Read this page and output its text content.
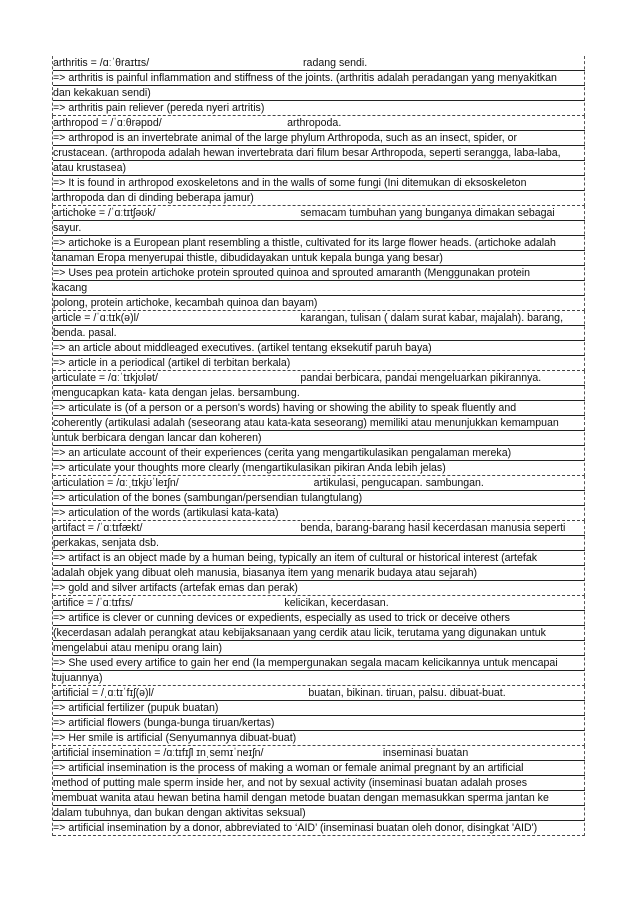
arthritis = /ɑːˈθraɪtɪs/	radang sendi.
=> arthritis is painful inflammation and stiffness of the joints. (arthritis adalah peradangan yang menyakitkan
dan kekakuan sendi)
=> arthritis pain reliever (pereda nyeri artritis)
arthropod = /ˈɑːθrəpɒd/	arthropoda.
=> arthropod is an invertebrate animal of the large phylum Arthropoda, such as an insect, spider, or
crustacean. (arthropoda adalah hewan invertebrata dari filum besar Arthropoda, seperti serangga, laba-laba,
atau krustasea)
=> It is found in arthropod exoskeletons and in the walls of some fungi (Ini ditemukan di eksoskeleton
arthropoda dan di dinding beberapa jamur)
artichoke = /ˈɑːtɪtʃəʊk/	semacam tumbuhan yang bunganya dimakan sebagai
sayur.
=> artichoke is a European plant resembling a thistle, cultivated for its large flower heads. (artichoke adalah
tanaman Eropa menyerupai thistle, dibudidayakan untuk kepala bunga yang besar)
=> Uses pea protein artichoke protein sprouted quinoa and sprouted amaranth (Menggunakan protein
kacang
polong, protein artichoke, kecambah quinoa dan bayam)
article = /ˈɑːtɪk(ə)l/	karangan, tulisan ( dalam surat kabar, majalah). barang,
benda. pasal.
=> an article about middleaged executives. (artikel tentang eksekutif paruh baya)
=> article in a periodical (artikel di terbitan berkala)
articulate = /ɑːˈtɪkjʊlət/	pandai berbicara, pandai mengeluarkan pikirannya.
mengucapkan kata- kata dengan jelas. bersambung.
=> articulate is (of a person or a person's words) having or showing the ability to speak fluently and
coherently (artikulasi adalah (seseorang atau kata-kata seseorang) memiliki atau menunjukkan kemampuan
untuk berbicara dengan lancar dan koheren)
=> an articulate account of their experiences (cerita yang mengartikulasikan pengalaman mereka)
=> articulate your thoughts more clearly (mengartikulasikan pikiran Anda lebih jelas)
articulation = /ɑːˌtɪkjʊˈleɪʃn/	artikulasi, pengucapan. sambungan.
=> articulation of the bones (sambungan/persendian tulangtulang)
=> articulation of the words (artikulasi kata-kata)
artifact = /ˈɑːtɪfækt/	benda, barang-barang hasil kecerdasan manusia seperti
perkakas, senjata dsb.
=> artifact is an object made by a human being, typically an item of cultural or historical interest (artefak
adalah objek yang dibuat oleh manusia, biasanya item yang menarik budaya atau sejarah)
=> gold and silver artifacts (artefak emas dan perak)
artifice = /ˈɑːtɪfɪs/	kelicikan, kecerdasan.
=> artifice is clever or cunning devices or expedients, especially as used to trick or deceive others
(kecerdasan adalah perangkat atau kebijaksanaan yang cerdik atau licik, terutama yang digunakan untuk
mengelabui atau menipu orang lain)
=> She used every artifice to gain her end (Ia mempergunakan segala macam kelicikannya untuk mencapai
tujuannya)
artificial = /ˌɑːtɪˈfɪʃ(ə)l/	buatan, bikinan. tiruan, palsu. dibuat-buat.
=> artificial fertilizer (pupuk buatan)
=> artificial flowers (bunga-bunga tiruan/kertas)
=> Her smile is artificial (Senyumannya dibuat-buat)
artificial insemination = /ɑːtɪfɪʃl ɪnˌsemɪˈneɪʃn/	inseminasi buatan
=> artificial insemination is the process of making a woman or female animal pregnant by an artificial
method of putting male sperm inside her, and not by sexual activity (inseminasi buatan adalah proses
membuat wanita atau hewan betina hamil dengan metode buatan dengan memasukkan sperma jantan ke
dalam tubuhnya, dan bukan dengan aktivitas seksual)
=> artificial insemination by a donor, abbreviated to ‘AID’ (inseminasi buatan oleh donor, disingkat 'AID')
